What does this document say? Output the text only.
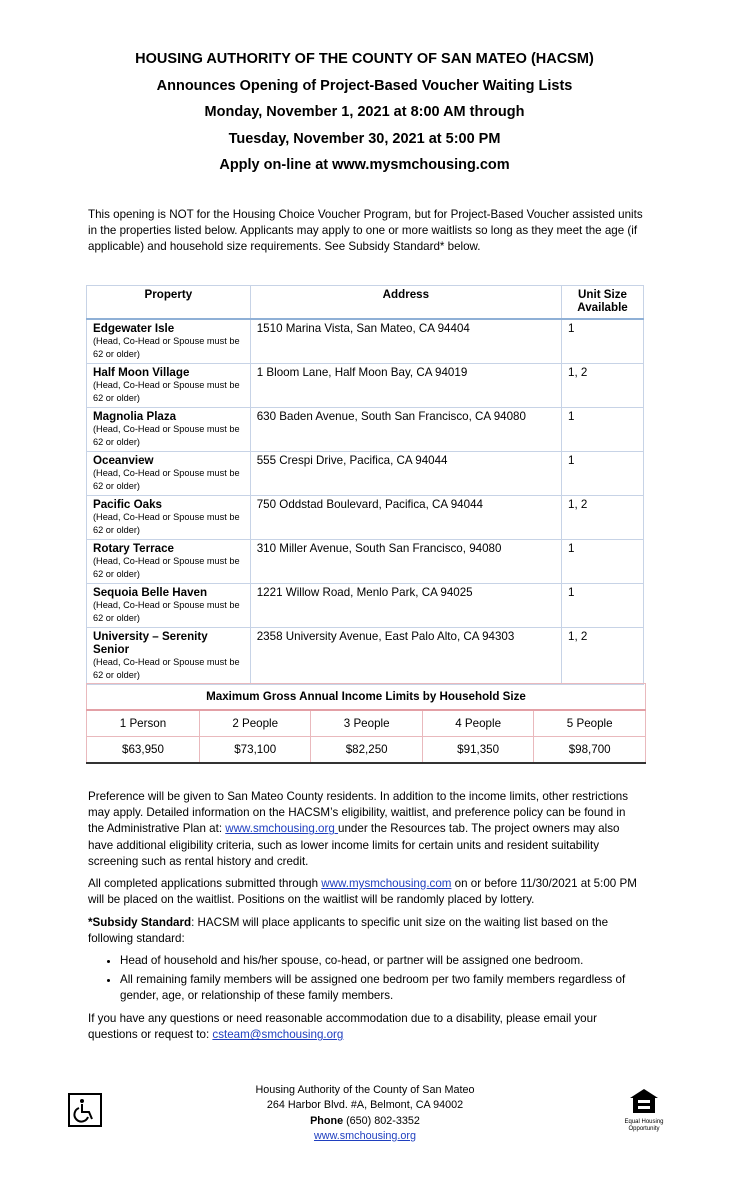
HOUSING AUTHORITY OF THE COUNTY OF SAN MATEO (HACSM)
Announces Opening of Project-Based Voucher Waiting Lists
Monday, November 1, 2021 at 8:00 AM through
Tuesday, November 30, 2021 at 5:00 PM
Apply on-line at www.mysmchousing.com
This opening is NOT for the Housing Choice Voucher Program, but for Project-Based Voucher assisted units in the properties listed below. Applicants may apply to one or more waitlists so long as they meet the age (if applicable) and household size requirements. See Subsidy Standard* below.
Property	Address	Unit Size Available

Edgewater Isle
(Head, Co-Head or Spouse must be 62 or older)	1510 Marina Vista, San Mateo, CA 94404	1

Half Moon Village
(Head, Co-Head or Spouse must be 62 or older)	1 Bloom Lane, Half Moon Bay, CA 94019	1, 2

Magnolia Plaza
(Head, Co-Head or Spouse must be 62 or older)	630 Baden Avenue, South San Francisco, CA 94080	1

Oceanview
(Head, Co-Head or Spouse must be 62 or older)	555 Crespi Drive, Pacifica, CA 94044	1

Pacific Oaks
(Head, Co-Head or Spouse must be 62 or older)	750 Oddstad Boulevard, Pacifica, CA 94044	1, 2

Rotary Terrace
(Head, Co-Head or Spouse must be 62 or older)	310 Miller Avenue, South San Francisco, 94080	1

Sequoia Belle Haven
(Head, Co-Head or Spouse must be 62 or older)	1221 Willow Road, Menlo Park, CA 94025	1

University – Serenity Senior
(Head, Co-Head or Spouse must be 62 or older)	2358 University Avenue, East Palo Alto, CA 94303	1, 2
Maximum Gross Annual Income Limits by Household Size				
1 Person	2 People	3 People	4 People	5 People
$63,950	$73,100	$82,250	$91,350	$98,700
Preference will be given to San Mateo County residents. In addition to the income limits, other restrictions may apply. Detailed information on the HACSM’s eligibility, waitlist, and preference policy can be found in the Administrative Plan at: www.smchousing.org under the Resources tab. The project owners may also have additional eligibility criteria, such as lower income limits for certain units and resident suitability screening such as rental history and credit.
All completed applications submitted through www.mysmchousing.com on or before 11/30/2021 at 5:00 PM will be placed on the waitlist. Positions on the waitlist will be randomly placed by lottery.
*Subsidy Standard: HACSM will place applicants to specific unit size on the waiting list based on the following standard:
• Head of household and his/her spouse, co-head, or partner will be assigned one bedroom.
• All remaining family members will be assigned one bedroom per two family members regardless of gender, age, or relationship of these family members.
If you have any questions or need reasonable accommodation due to a disability, please email your questions or request to: csteam@smchousing.org
Housing Authority of the County of San Mateo
264 Harbor Blvd. #A, Belmont, CA 94002
Phone (650) 802-3352
www.smchousing.org
Equal Housing Opportunity
